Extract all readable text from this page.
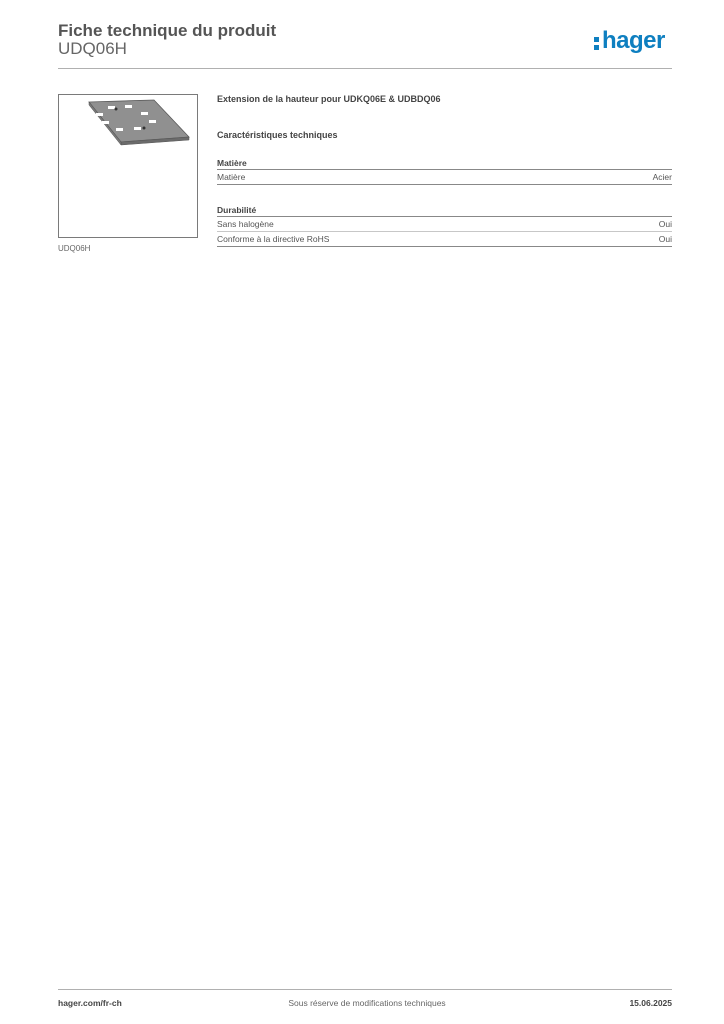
Fiche technique du produit
UDQ06H	hager
UDQ06H
Extension de la hauteur pour UDKQ06E & UDBDQ06
Caractéristiques techniques
Matière
Matière	Acier
Durabilité
Sans halogène	Oui
Conforme à la directive RoHS	Oui
hager.com/fr-ch	Sous réserve de modifications techniques	15.06.2025
